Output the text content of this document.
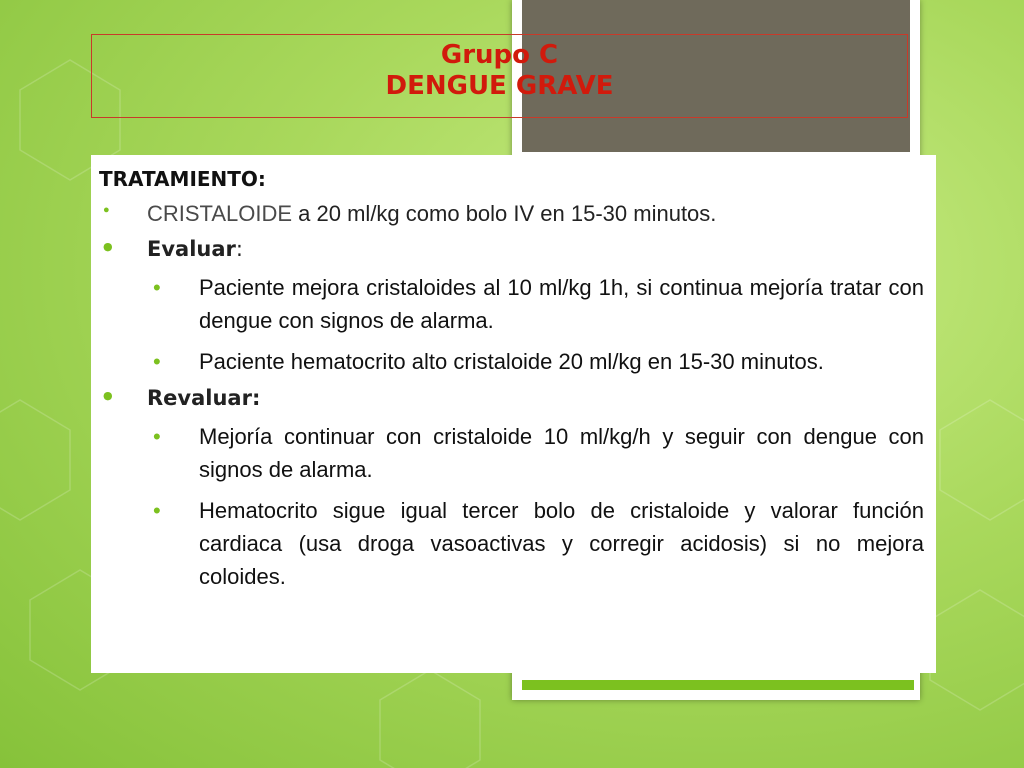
Grupo C
DENGUE GRAVE
TRATAMIENTO:
● CRISTALOIDE a 20 ml/kg como bolo IV en 15-30 minutos.
● Evaluar:
• Paciente mejora cristaloides al 10 ml/kg 1h, si continua mejoría tratar con dengue con signos de alarma.
• Paciente hematocrito alto cristaloide 20 ml/kg en 15-30 minutos.
● Revaluar:
• Mejoría continuar con cristaloide 10 ml/kg/h y seguir con dengue con signos de alarma.
• Hematocrito sigue igual tercer bolo de cristaloide y valorar función cardiaca (usa droga vasoactivas y corregir acidosis) si no mejora coloides.
